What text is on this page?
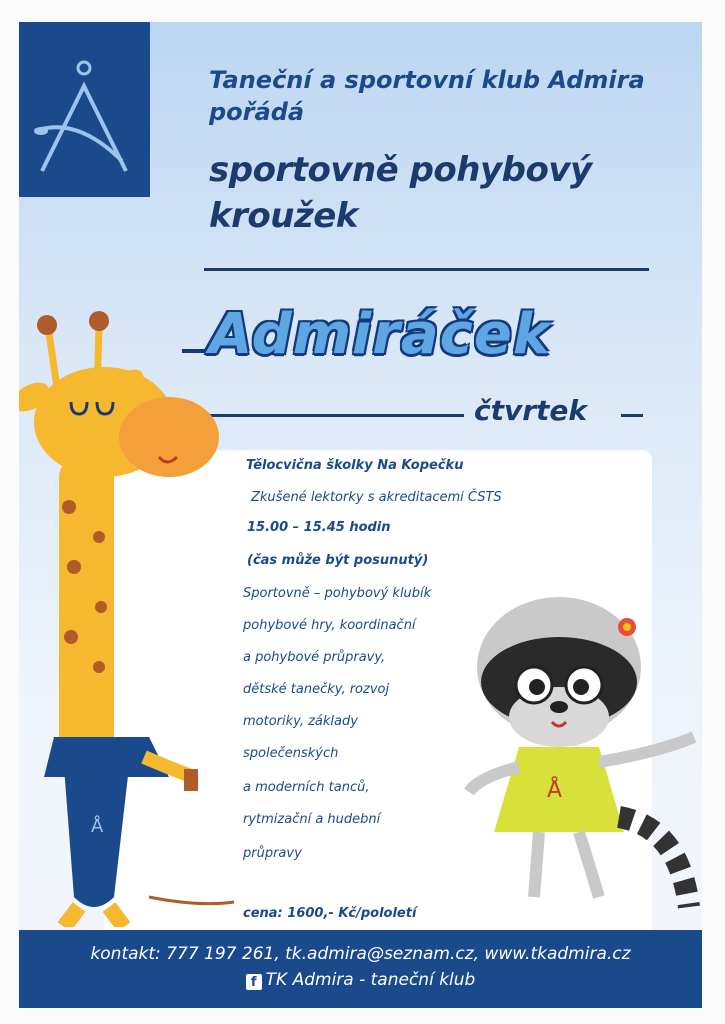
Taneční a sportovní klub Admira
pořádá
sportovně pohybový
kroužek
Admiráček
čtvrtek
Å
Å
Tělocvična školky Na Kopečku
Zkušené lektorky s akreditacemi ČSTS
15.00 – 15.45 hodin
(čas může být posunutý)
Sportovně – pohybový klubík
pohybové hry, koordinační
a pohybové průpravy,
dětské tanečky, rozvoj
motoriky, základy
společenských
a moderních tanců,
rytmizační a hudební
průpravy
cena: 1600,- Kč/pololetí
kontakt: 777 197 261, tk.admira@seznam.cz, www.tkadmira.cz
f TK Admira - taneční klub
